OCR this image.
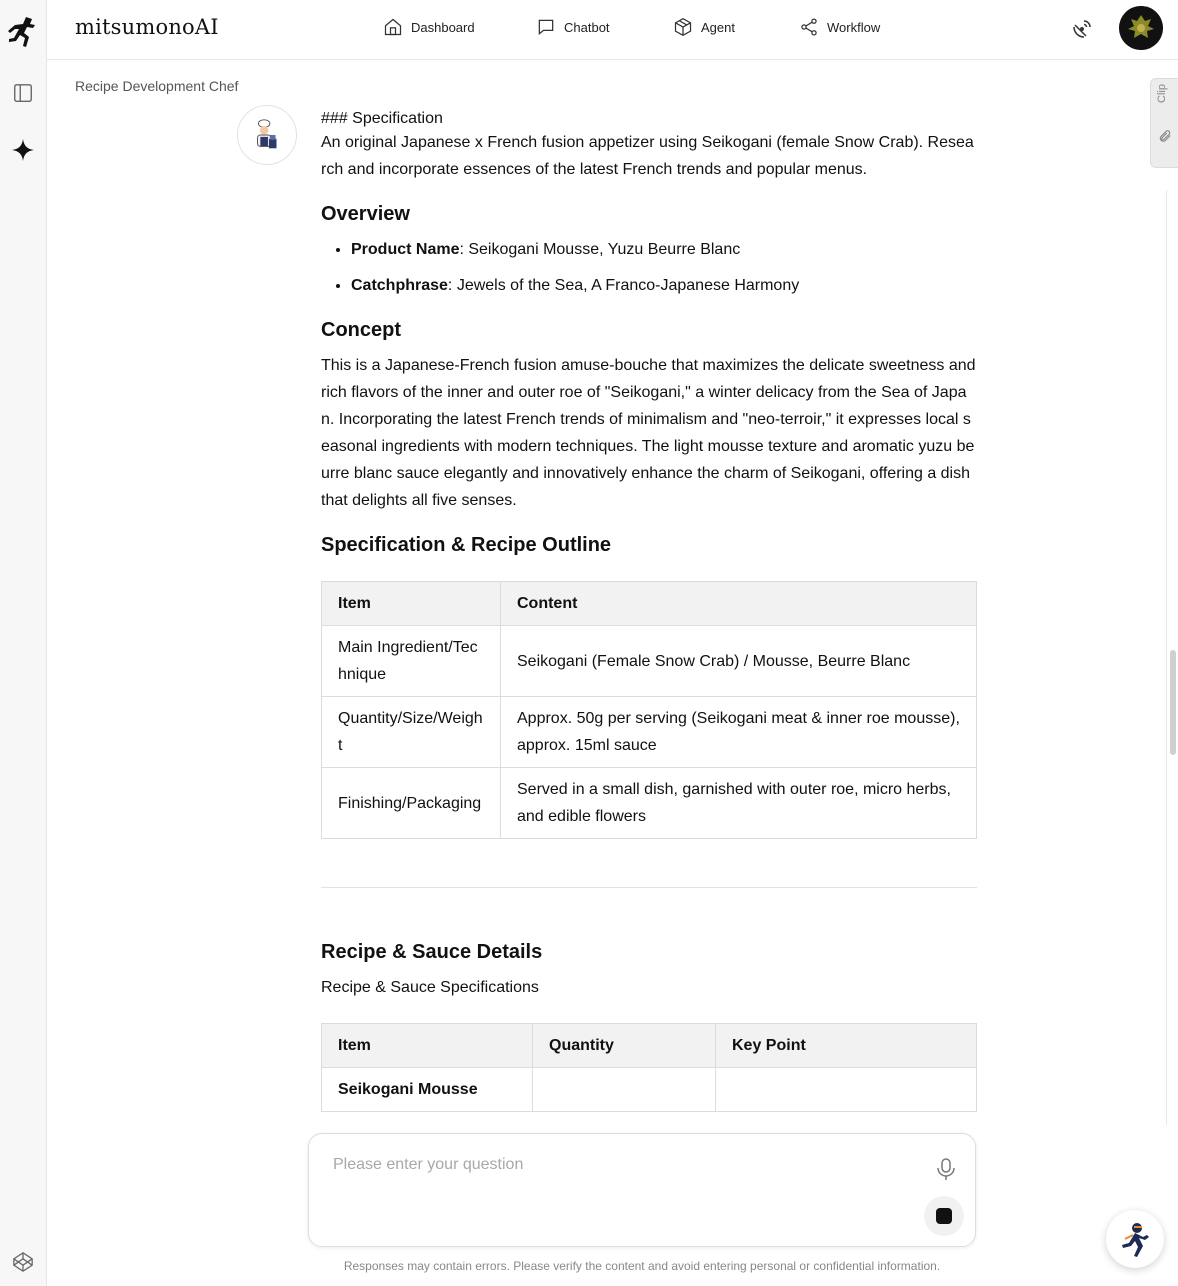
mitsumonoAI	Dashboard	Chatbot	Agent	Workflow
Recipe Development Chef	Clip

### Specification

An original Japanese x French fusion appetizer using Seikogani (female Snow Crab). Research and incorporate essences of the latest French trends and popular menus.

Overview
• Product Name: Seikogani Mousse, Yuzu Beurre Blanc
• Catchphrase: Jewels of the Sea, A Franco-Japanese Harmony
Concept

This is a Japanese-French fusion amuse-bouche that maximizes the delicate sweetness and rich flavors of the inner and outer roe of "Seikogani," a winter delicacy from the Sea of Japan. Incorporating the latest French trends of minimalism and "neo-terroir," it expresses local seasonal ingredients with modern techniques. The light mousse texture and aromatic yuzu beurre blanc sauce elegantly and innovatively enhance the charm of Seikogani, offering a dish that delights all five senses.

Specification & Recipe Outline
Item	Content
Main Ingredient/Technique	Seikogani (Female Snow Crab) / Mousse, Beurre Blanc
Quantity/Size/Weight	Approx. 50g per serving (Seikogani meat & inner roe mousse), approx. 15ml sauce
Finishing/Packaging	Served in a small dish, garnished with outer roe, micro herbs, and edible flowers
Recipe & Sauce Details

Recipe & Sauce Specifications

Item	Quantity	Key Point
Seikogani Mousse		
Please enter your question
Responses may contain errors. Please verify the content and avoid entering personal or confidential information.
